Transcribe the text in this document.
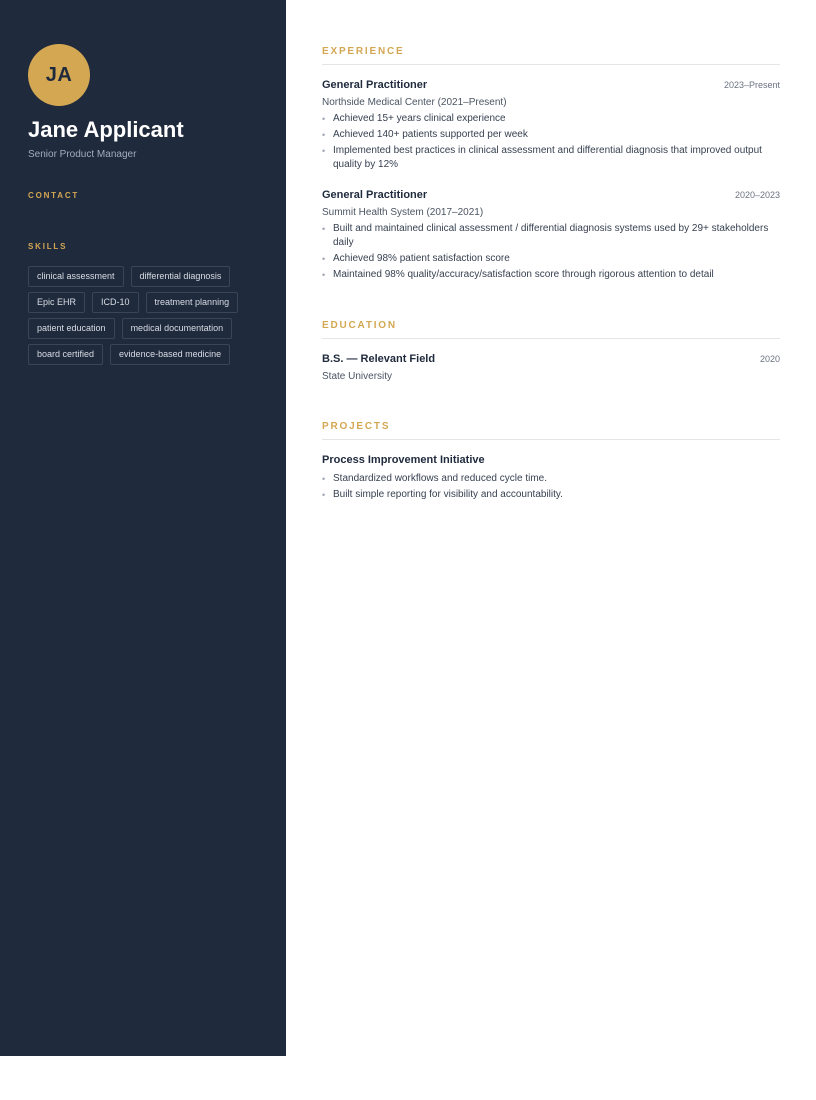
JA
Jane Applicant
Senior Product Manager
CONTACT
SKILLS
clinical assessment	differential diagnosis
Epic EHR	ICD-10	treatment planning
patient education	medical documentation
board certified	evidence-based medicine
EXPERIENCE
General Practitioner	2023–Present
Northside Medical Center (2021–Present)
• Achieved 15+ years clinical experience
• Achieved 140+ patients supported per week
• Implemented best practices in clinical assessment and differential diagnosis that improved output quality by 12%
General Practitioner	2020–2023
Summit Health System (2017–2021)
• Built and maintained clinical assessment / differential diagnosis systems used by 29+ stakeholders daily
• Achieved 98% patient satisfaction score
• Maintained 98% quality/accuracy/satisfaction score through rigorous attention to detail
EDUCATION
B.S. — Relevant Field	2020
State University
PROJECTS
Process Improvement Initiative
• Standardized workflows and reduced cycle time.
• Built simple reporting for visibility and accountability.
